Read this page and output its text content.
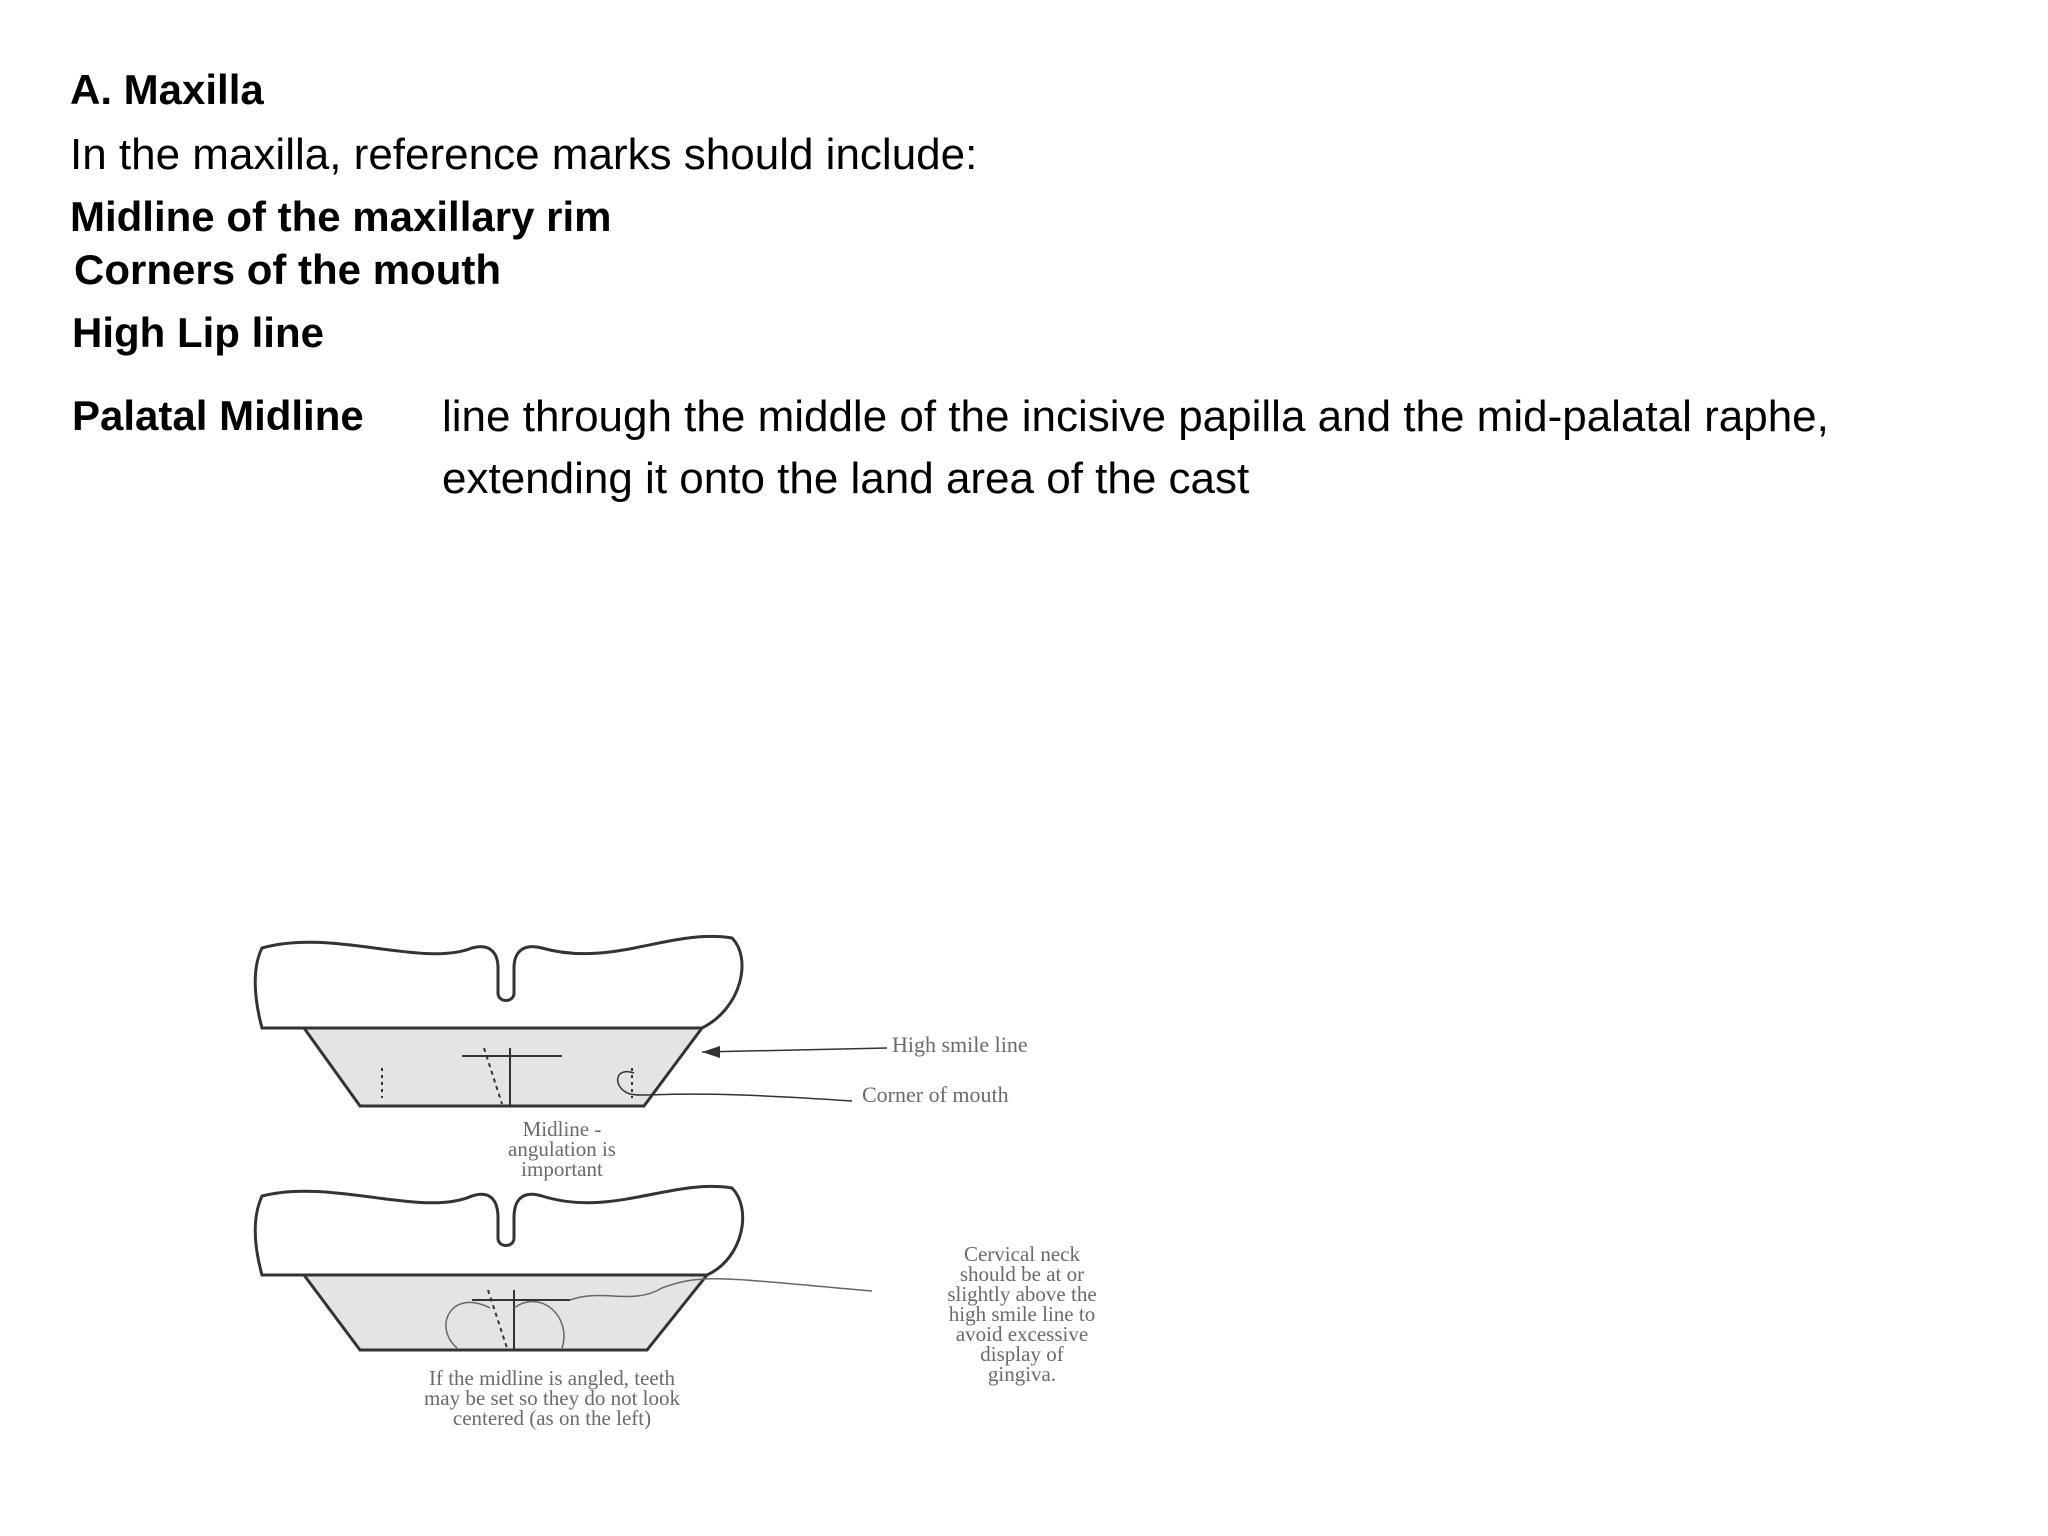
A. Maxilla
In the maxilla, reference marks should include:
Midline of the maxillary rim
Corners of the mouth
High Lip line
Palatal Midline line through the middle of the incisive papilla and the mid-palatal raphe, extending it onto the land area of the cast
High smile line
Corner of mouth
Midline -
angulation is
important
Cervical neck
should be at or
slightly above the
high smile line to
avoid excessive
display of
gingiva.
If the midline is angled, teeth
may be set so they do not look
centered (as on the left)
